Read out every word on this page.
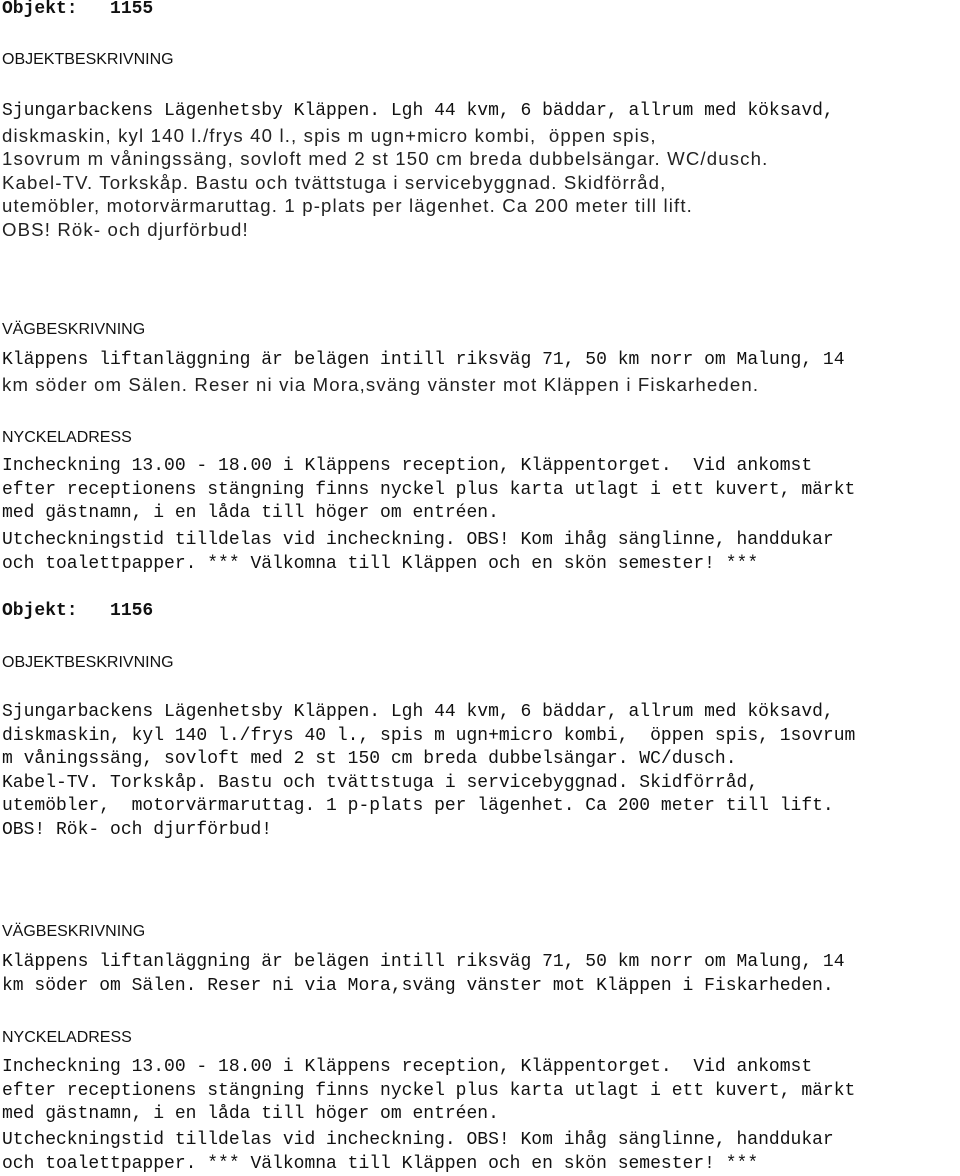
Objekt: 1155
OBJEKTBESKRIVNING
Sjungarbackens Lägenhetsby Kläppen. Lgh 44 kvm, 6 bäddar, allrum med köksavd,
diskmaskin, kyl 140 l./frys 40 l., spis m ugn+micro kombi,  öppen spis,
1sovrum m våningssäng, sovloft med 2 st 150 cm breda dubbelsängar. WC/dusch.
Kabel-TV. Torkskåp. Bastu och tvättstuga i servicebyggnad. Skidförråd,
utemöbler, motorvärmaruttag. 1 p-plats per lägenhet. Ca 200 meter till lift.
OBS! Rök- och djurförbud!
VÄGBESKRIVNING
Kläppens liftanläggning är belägen intill riksväg 71, 50 km norr om Malung, 14
km söder om Sälen. Reser ni via Mora,sväng vänster mot Kläppen i Fiskarheden.
NYCKELADRESS
Incheckning 13.00 - 18.00 i Kläppens reception, Kläppentorget.  Vid ankomst
efter receptionens stängning finns nyckel plus karta utlagt i ett kuvert, märkt
med gästnamn, i en låda till höger om entréen.
Utcheckningstid tilldelas vid incheckning. OBS! Kom ihåg sänglinne, handdukar
och toalettpapper. *** Välkomna till Kläppen och en skön semester! ***
Objekt: 1156
OBJEKTBESKRIVNING
Sjungarbackens Lägenhetsby Kläppen. Lgh 44 kvm, 6 bäddar, allrum med köksavd,
diskmaskin, kyl 140 l./frys 40 l., spis m ugn+micro kombi,  öppen spis, 1sovrum
m våningssäng, sovloft med 2 st 150 cm breda dubbelsängar. WC/dusch.
Kabel-TV. Torkskåp. Bastu och tvättstuga i servicebyggnad. Skidförråd,
utemöbler,  motorvärmaruttag. 1 p-plats per lägenhet. Ca 200 meter till lift.
OBS! Rök- och djurförbud!
VÄGBESKRIVNING
Kläppens liftanläggning är belägen intill riksväg 71, 50 km norr om Malung, 14
km söder om Sälen. Reser ni via Mora,sväng vänster mot Kläppen i Fiskarheden.
NYCKELADRESS
Incheckning 13.00 - 18.00 i Kläppens reception, Kläppentorget.  Vid ankomst
efter receptionens stängning finns nyckel plus karta utlagt i ett kuvert, märkt
med gästnamn, i en låda till höger om entréen.
Utcheckningstid tilldelas vid incheckning. OBS! Kom ihåg sänglinne, handdukar
och toalettpapper. *** Välkomna till Kläppen och en skön semester! ***
